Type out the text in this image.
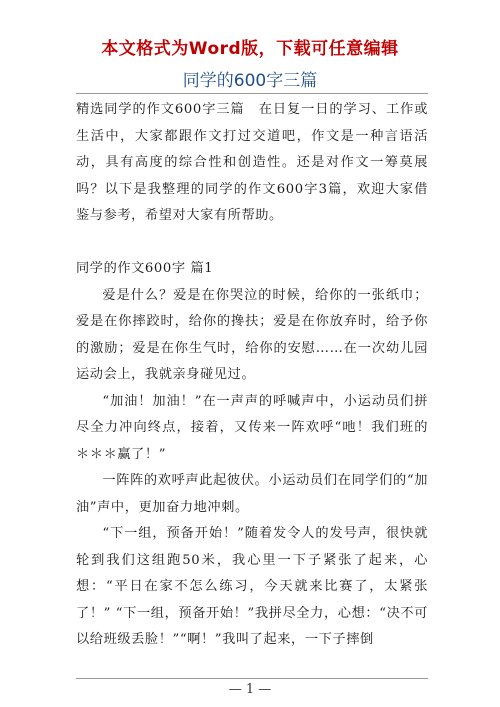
本文格式为Word版，下载可任意编辑
同学的600字三篇

精选同学的作文600字三篇　在日复一日的学习、工作或生活中，大家都跟作文打过交道吧，作文是一种言语活动，具有高度的综合性和创造性。还是对作文一筹莫展吗？以下是我整理的同学的作文600字3篇，欢迎大家借鉴与参考，希望对大家有所帮助。

同学的作文600字 篇1

爱是什么？爱是在你哭泣的时候，给你的一张纸巾；爱是在你摔跤时，给你的搀扶；爱是在你放弃时，给予你的激励；爱是在你生气时，给你的安慰……在一次幼儿园运动会上，我就亲身碰见过。

“加油！加油！”在一声声的呼喊声中，小运动员们拼尽全力冲向终点，接着，又传来一阵欢呼“吔！我们班的＊＊＊赢了！”

一阵阵的欢呼声此起彼伏。小运动员们在同学们的“加油”声中，更加奋力地冲刺。

“下一组，预备开始！”随着发令人的发号声，很快就轮到我们这组跑50米，我心里一下子紧张了起来，心想：“平日在家不怎么练习，今天就来比赛了，太紧张了！” “下一组，预备开始！”我拼尽全力，心想：“决不可以给班级丢脸！”“啊！”我叫了起来，一下子摔倒

— 1 —
